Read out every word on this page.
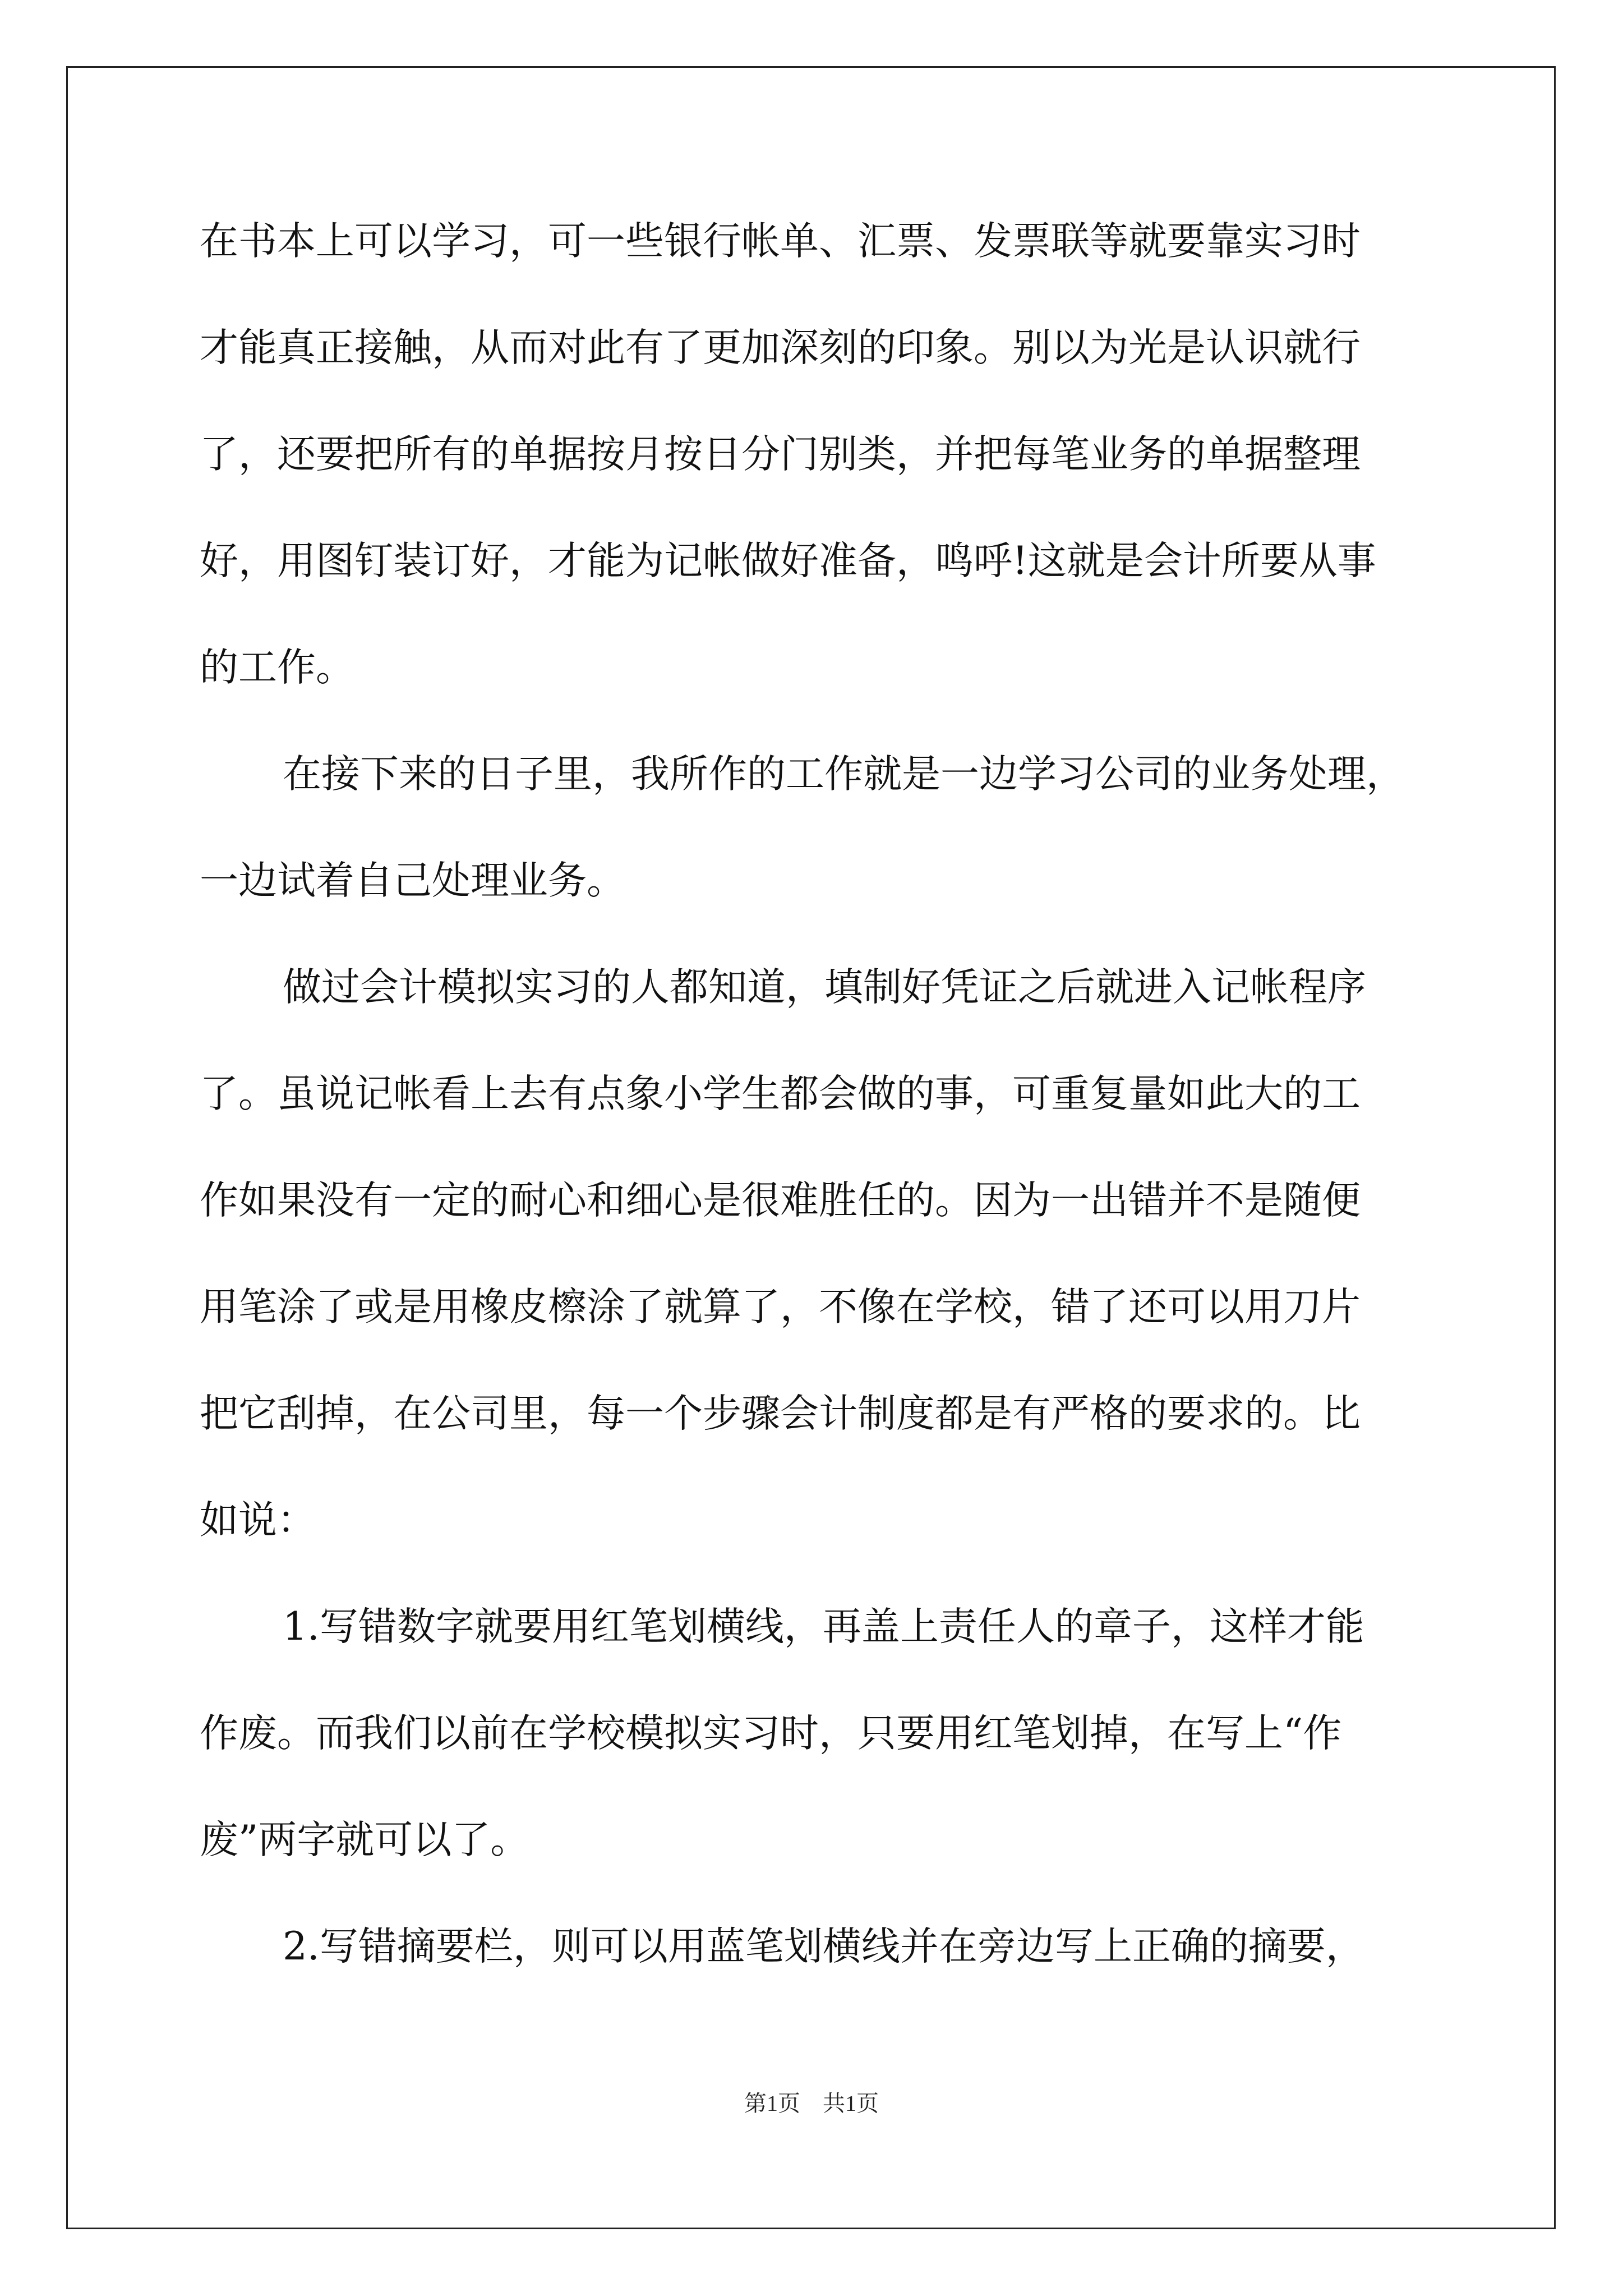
在书本上可以学习，可一些银行帐单、汇票、发票联等就要靠实习时
才能真正接触，从而对此有了更加深刻的印象。别以为光是认识就行
了，还要把所有的单据按月按日分门别类，并把每笔业务的单据整理
好，用图钉装订好，才能为记帐做好准备，鸣呼!这就是会计所要从事
的工作。
在接下来的日子里，我所作的工作就是一边学习公司的业务处理，
一边试着自己处理业务。
做过会计模拟实习的人都知道，填制好凭证之后就进入记帐程序
了。虽说记帐看上去有点象小学生都会做的事，可重复量如此大的工
作如果没有一定的耐心和细心是很难胜任的。因为一出错并不是随便
用笔涂了或是用橡皮檫涂了就算了，不像在学校，错了还可以用刀片
把它刮掉，在公司里，每一个步骤会计制度都是有严格的要求的。比
如说：
1.写错数字就要用红笔划横线，再盖上责任人的章子，这样才能
作废。而我们以前在学校模拟实习时，只要用红笔划掉，在写上“作
废”两字就可以了。
2.写错摘要栏，则可以用蓝笔划横线并在旁边写上正确的摘要，
第1页 共1页
